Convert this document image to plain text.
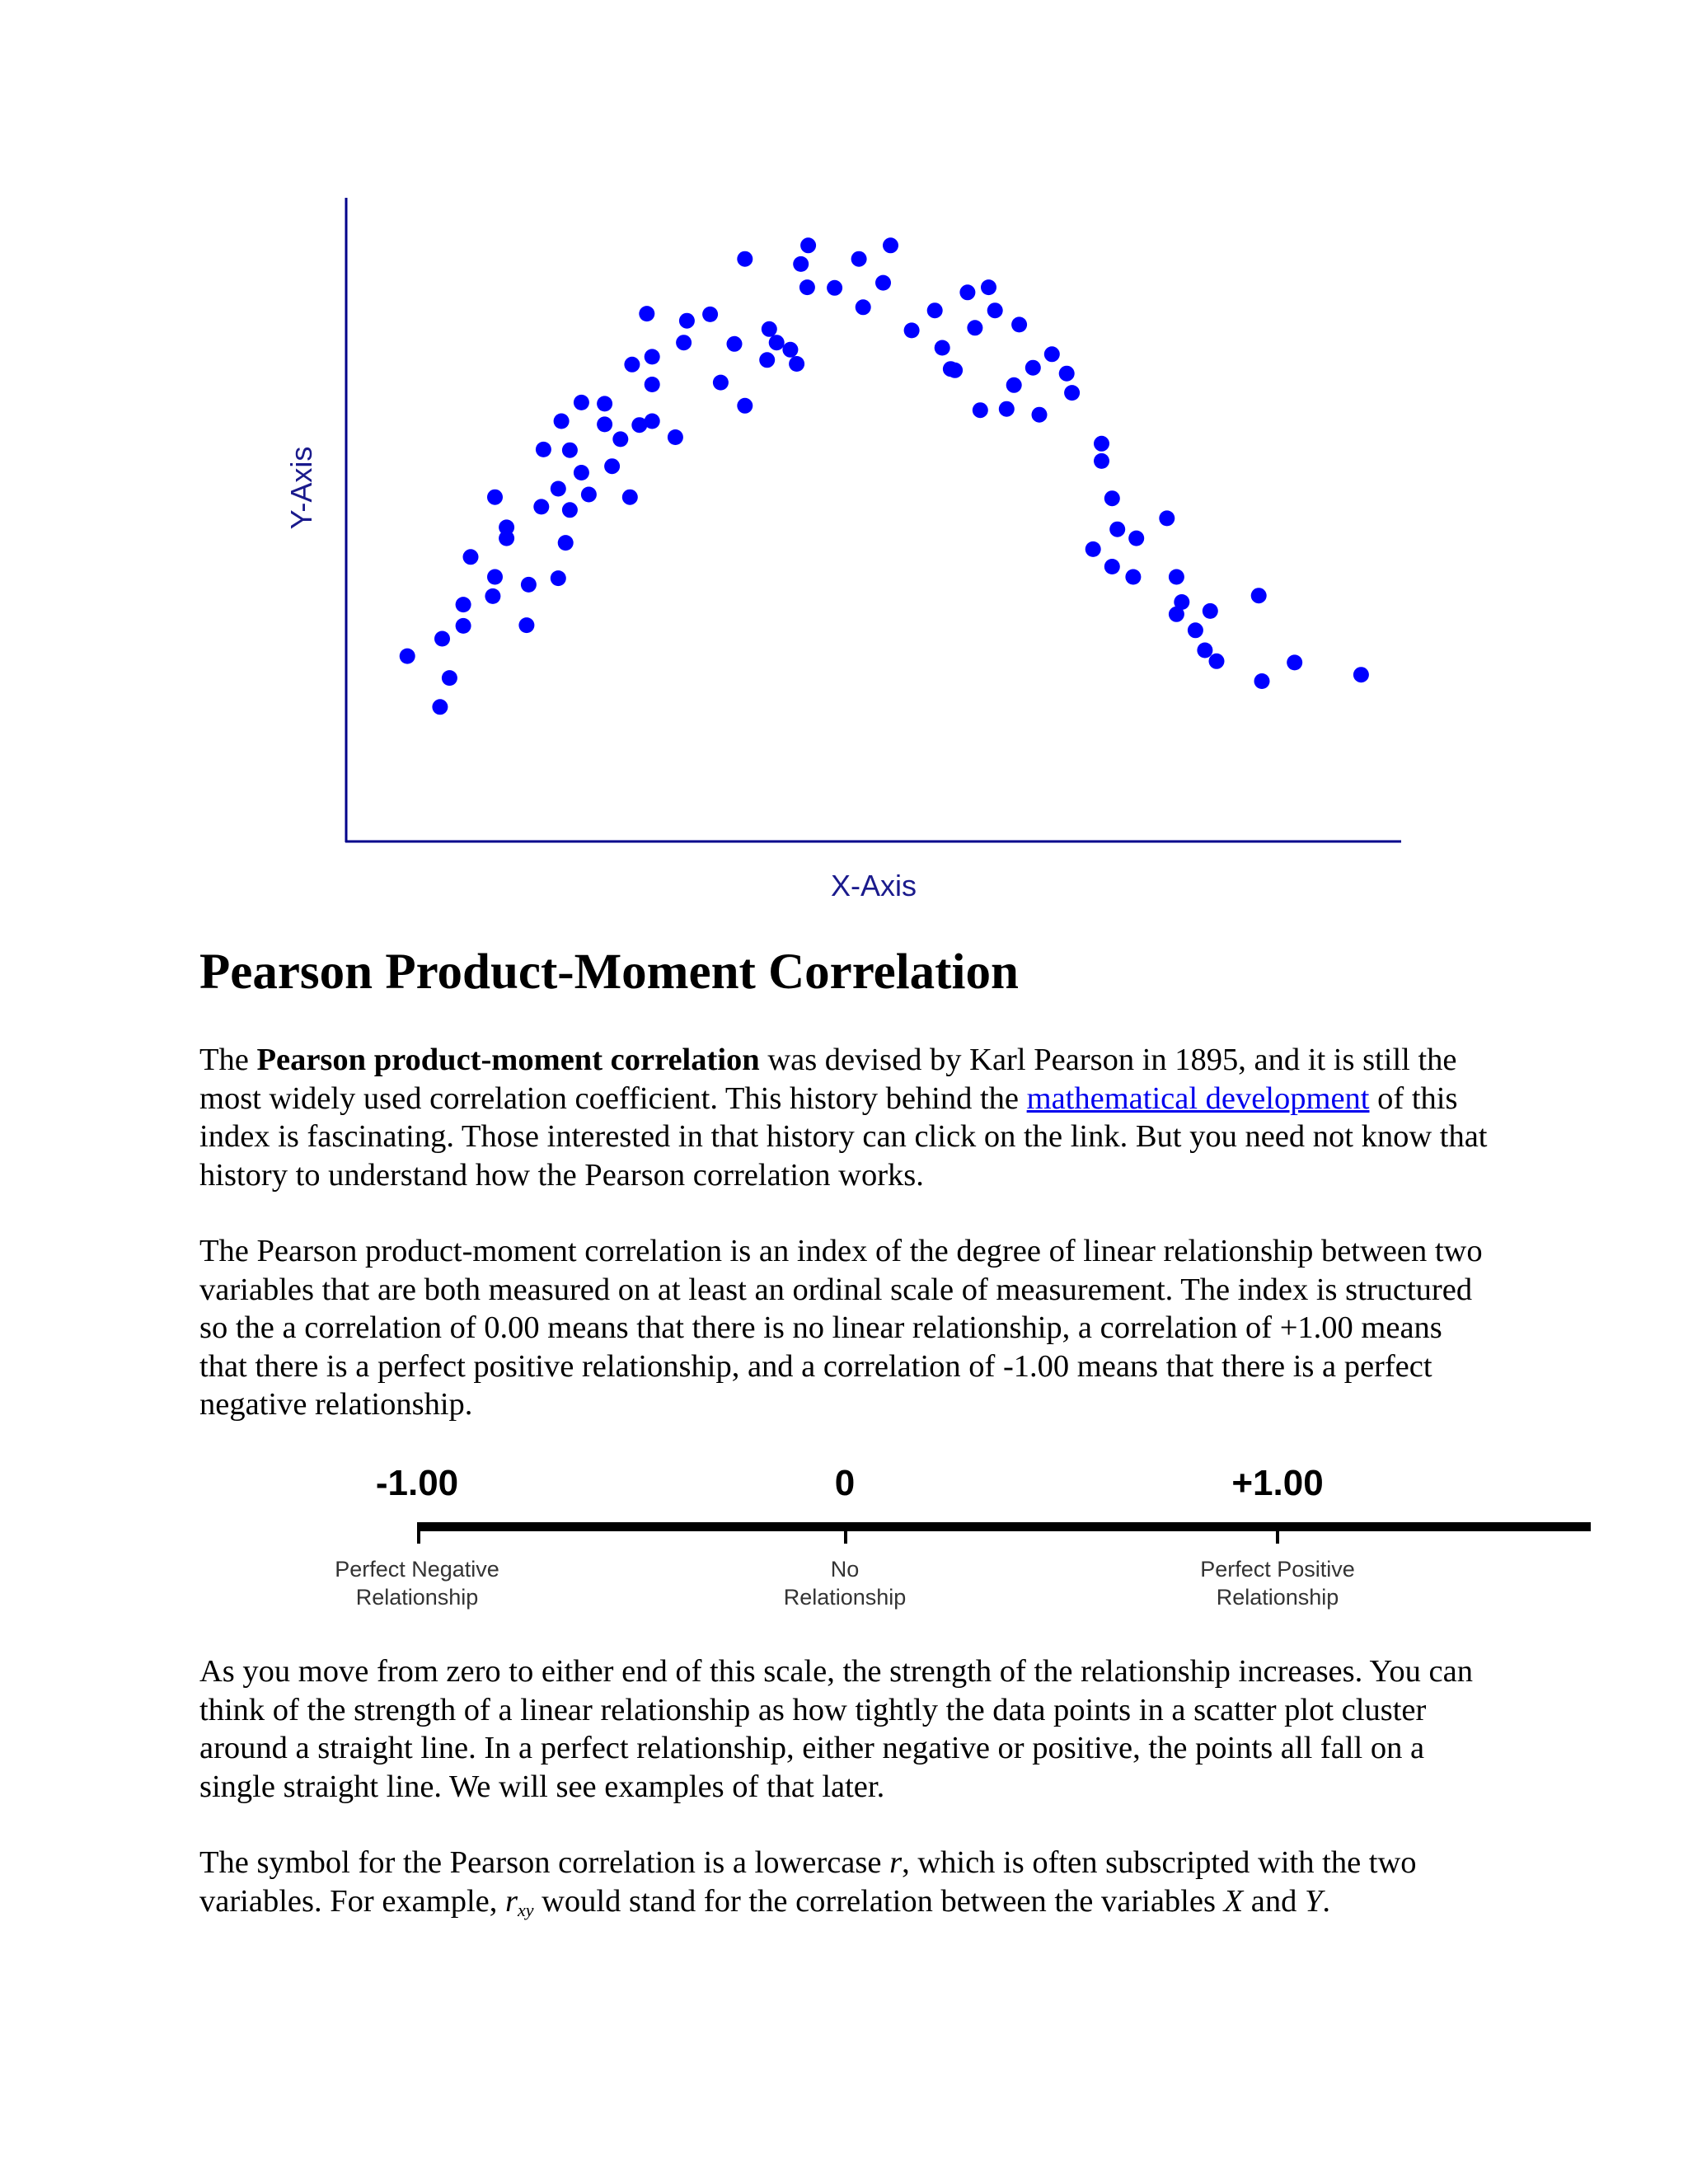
X-Axis
Y-Axis
Pearson Product-Moment Correlation

The Pearson product-moment correlation was devised by Karl Pearson in 1895, and it is still the most widely used correlation coefficient. This history behind the mathematical development of this index is fascinating. Those interested in that history can click on the link. But you need not know that history to understand how the Pearson correlation works.

The Pearson product-moment correlation is an index of the degree of linear relationship between two variables that are both measured on at least an ordinal scale of measurement. The index is structured so the a correlation of 0.00 means that there is no linear relationship, a correlation of +1.00 means that there is a perfect positive relationship, and a correlation of -1.00 means that there is a perfect negative relationship.

-1.00	0	+1.00
Perfect Negative
Relationship
No
Relationship
Perfect Positive
Relationship

As you move from zero to either end of this scale, the strength of the relationship increases. You can think of the strength of a linear relationship as how tightly the data points in a scatter plot cluster around a straight line. In a perfect relationship, either negative or positive, the points all fall on a single straight line. We will see examples of that later.

The symbol for the Pearson correlation is a lowercase r, which is often subscripted with the two variables. For example, $r_{xy}$ would stand for the correlation between the variables X and Y.
